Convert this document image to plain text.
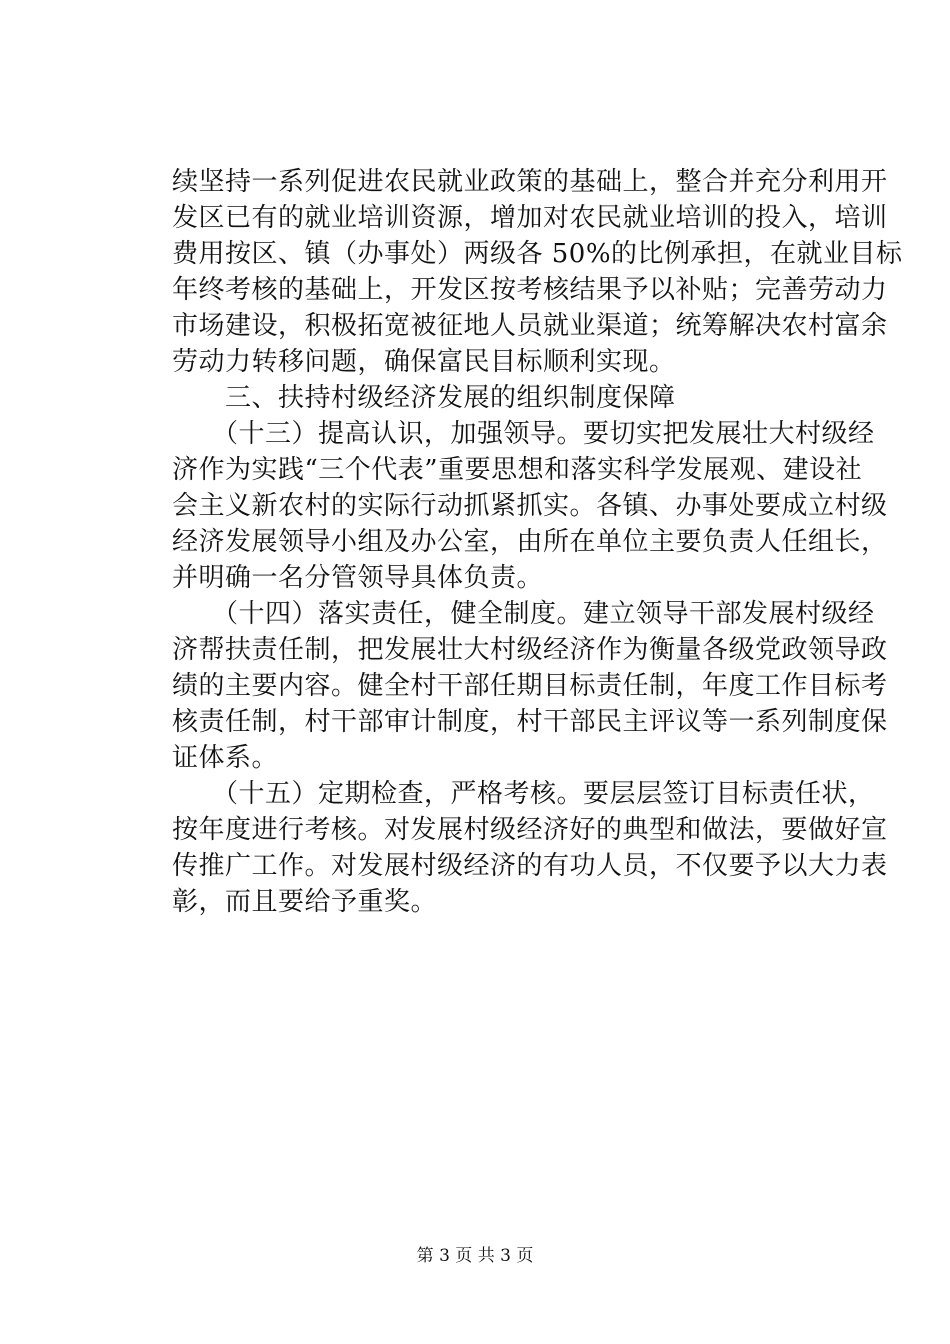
续坚持一系列促进农民就业政策的基础上，整合并充分利用开
发区已有的就业培训资源，增加对农民就业培训的投入，培训
费用按区、镇（办事处）两级各 50%的比例承担，在就业目标
年终考核的基础上，开发区按考核结果予以补贴；完善劳动力
市场建设，积极拓宽被征地人员就业渠道；统筹解决农村富余
劳动力转移问题，确保富民目标顺利实现。
　　三、扶持村级经济发展的组织制度保障
　　（十三）提高认识，加强领导。要切实把发展壮大村级经
济作为实践“三个代表”重要思想和落实科学发展观、建设社
会主义新农村的实际行动抓紧抓实。各镇、办事处要成立村级
经济发展领导小组及办公室，由所在单位主要负责人任组长，
并明确一名分管领导具体负责。
　　（十四）落实责任，健全制度。建立领导干部发展村级经
济帮扶责任制，把发展壮大村级经济作为衡量各级党政领导政
绩的主要内容。健全村干部任期目标责任制，年度工作目标考
核责任制，村干部审计制度，村干部民主评议等一系列制度保
证体系。
　　（十五）定期检查，严格考核。要层层签订目标责任状，
按年度进行考核。对发展村级经济好的典型和做法，要做好宣
传推广工作。对发展村级经济的有功人员，不仅要予以大力表
彰，而且要给予重奖。
第 3 页 共 3 页
